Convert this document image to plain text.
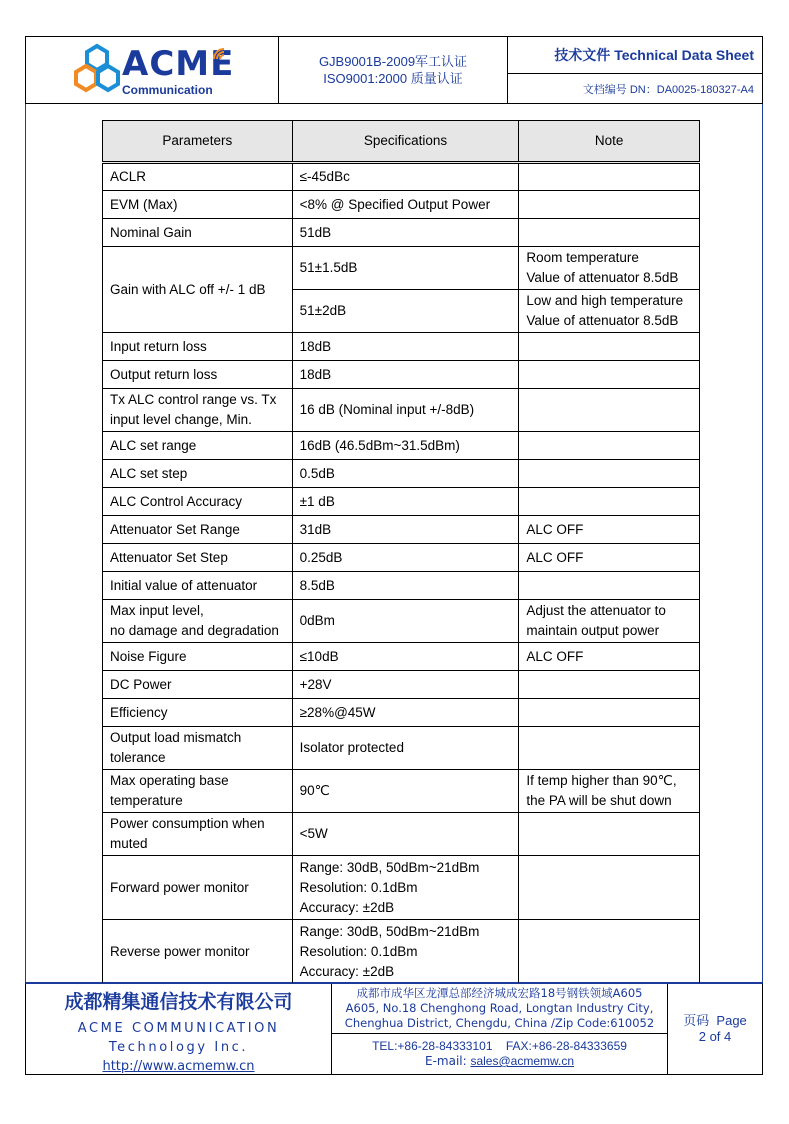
ACME
Communication
GJB9001B-2009军工认证
ISO9001:2000 质量认证
技术文件 Technical Data Sheet
文档编号 DN：DA0025-180327-A4
Parameters	Specifications	Note
ACLR	≤-45dBc	
EVM (Max)	<8% @ Specified Output Power	
Nominal Gain	51dB	
Gain with ALC off +/- 1 dB	51±1.5dB	Room temperature
Value of attenuator 8.5dB

	51±2dB	Low and high temperature
Value of attenuator 8.5dB

Input return loss	18dB	
Output return loss	18dB	

Tx ALC control range vs. Tx
input level change, Min.	16 dB (Nominal input +/-8dB)	
ALC set range	16dB (46.5dBm~31.5dBm)	
ALC set step	0.5dB	
ALC Control Accuracy	±1 dB	
Attenuator Set Range	31dB	ALC OFF
Attenuator Set Step	0.25dB	ALC OFF
Initial value of attenuator	8.5dB	

Max input level,
no damage and degradation	0dBm	Adjust the attenuator to
maintain output power

Noise Figure	≤10dB	ALC OFF
DC Power	+28V	
Efficiency	≥28%@45W	

Output load mismatch
tolerance	Isolator protected	

Max operating base
temperature	90℃	If temp higher than 90℃,
the PA will be shut down

Power consumption when
muted	<5W	
Forward power monitor	Range: 30dB, 50dBm~21dBm
Resolution: 0.1dBm
Accuracy: ±2dB	

Reverse power monitor	Range: 30dB, 50dBm~21dBm
Resolution: 0.1dBm
Accuracy: ±2dB	

成都精集通信技术有限公司
ACME COMMUNICATION
Technology Inc.
http://www.acmemw.cn
成都市成华区龙潭总部经济城成宏路18号钢铁领域A605
A605, No.18 Chenghong Road, Longtan Industry City,
Chenghua District, Chengdu, China /Zip Code:610052
TEL:+86-28-84333101    FAX:+86-28-84333659
E-mail: sales@acmemw.cn
页码  Page
2 of 4
